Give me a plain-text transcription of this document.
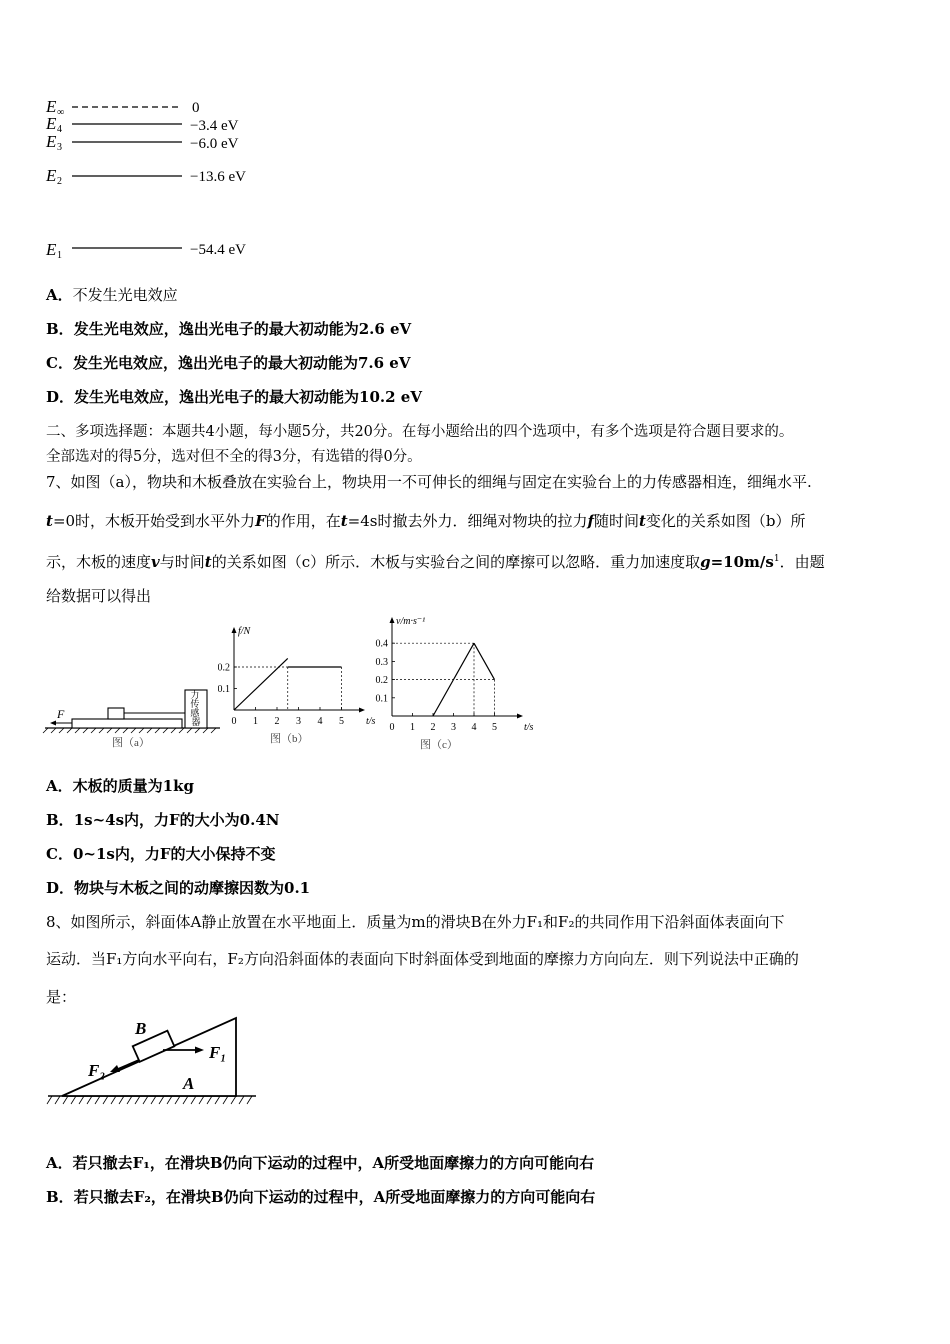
E ∞	0
E 4	−3.4 eV
E 3	−6.0 eV
E 2	−13.6 eV
E 1	−54.4 eV
A．不发生光电效应
B．发生光电效应，逸出光电子的最大初动能为2.6 eV
C．发生光电效应，逸出光电子的最大初动能为7.6 eV
D．发生光电效应，逸出光电子的最大初动能为10.2 eV
二、多项选择题：本题共4小题，每小题5分，共20分。在每小题给出的四个选项中，有多个选项是符合题目要求的。
全部选对的得5分，选对但不全的得3分，有选错的得0分。
7、如图（a），物块和木板叠放在实验台上，物块用一不可伸长的细绳与固定在实验台上的力传感器相连，细绳水平.
t=0时，木板开始受到水平外力F的作用，在t=4s时撤去外力．细绳对物块的拉力f随时间t变化的关系如图（b）所
示，木板的速度v与时间t的关系如图（c）所示．木板与实验台之间的摩擦可以忽略．重力加速度取$g=10m/s^1$．由题
给数据可以得出
力 传 感 器
F
图（a）
f/N
t/s
图（b）
0 1 2 3 4 5
0.1
0.2
v/m·s⁻¹
t/s
图（c）
0 1 2 3 4 5
0.1
0.2
0.3
0.4
A．木板的质量为1kg
B．1s~4s内，力F的大小为0.4N
C．0~1s内，力F的大小保持不变
D．物块与木板之间的动摩擦因数为0.1
8、如图所示，斜面体A静止放置在水平地面上．质量为m的滑块B在外力F₁和F₂的共同作用下沿斜面体表面向下
运动．当F₁方向水平向右，F₂方向沿斜面体的表面向下时斜面体受到地面的摩擦力方向向左．则下列说法中正确的
是：
B
F₁
F₂
A
A．若只撤去F₁，在滑块B仍向下运动的过程中，A所受地面摩擦力的方向可能向右
B．若只撤去F₂，在滑块B仍向下运动的过程中，A所受地面摩擦力的方向可能向右
